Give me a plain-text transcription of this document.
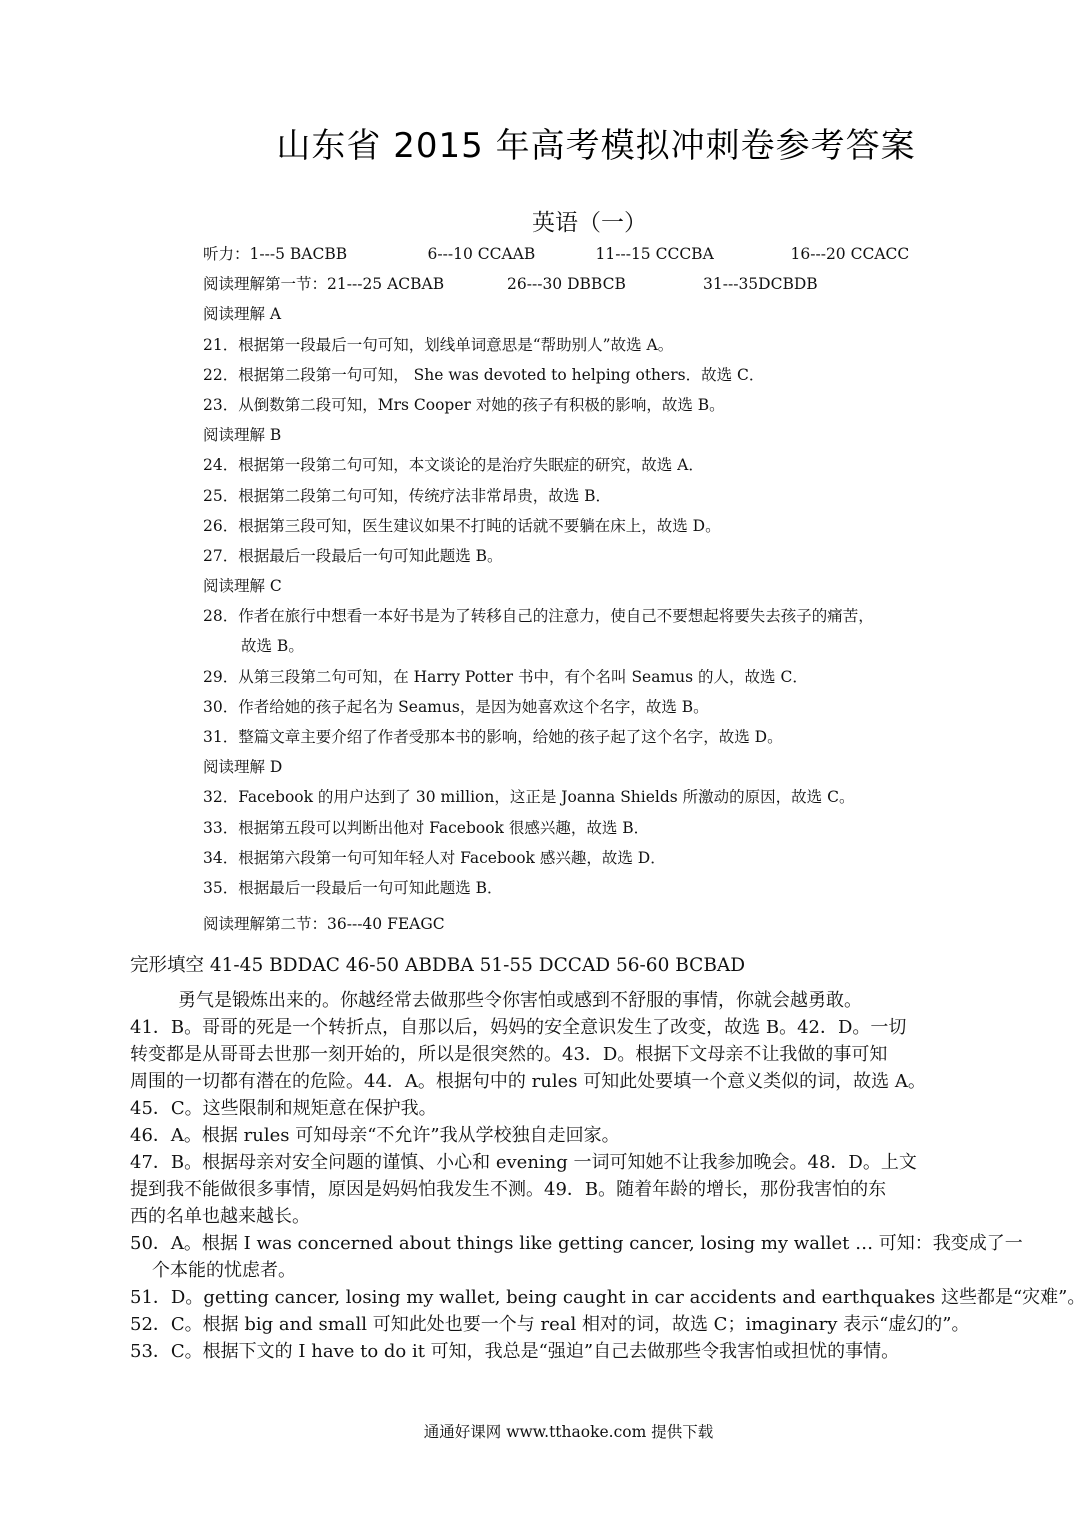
山东省 2015 年高考模拟冲刺卷参考答案
英语（一）
听力：1---5 BACBB	6---10 CCAAB	11---15 CCCBA	16---20 CCACC
阅读理解第一节：21---25 ACBAB	26---30 DBBCB	31---35DCBDB
阅读理解 A
21．根据第一段最后一句可知，划线单词意思是“帮助别人”故选 A。
22．根据第二段第一句可知， She was devoted to helping others．故选 C．
23．从倒数第二段可知，Mrs Cooper 对她的孩子有积极的影响，故选 B。
阅读理解 B
24．根据第一段第二句可知，本文谈论的是治疗失眠症的研究，故选 A．
25．根据第二段第二句可知，传统疗法非常昂贵，故选 B．
26．根据第三段可知，医生建议如果不打盹的话就不要躺在床上，故选 D。
27．根据最后一段最后一句可知此题选 B。
阅读理解 C
28．作者在旅行中想看一本好书是为了转移自己的注意力，使自己不要想起将要失去孩子的痛苦，
故选 B。
29．从第三段第二句可知，在 Harry Potter 书中，有个名叫 Seamus 的人，故选 C．
30．作者给她的孩子起名为 Seamus，是因为她喜欢这个名字，故选 B。
31．整篇文章主要介绍了作者受那本书的影响，给她的孩子起了这个名字，故选 D。
阅读理解 D
32．Facebook 的用户达到了 30 million，这正是 Joanna Shields 所激动的原因，故选 C。
33．根据第五段可以判断出他对 Facebook 很感兴趣，故选 B．
34．根据第六段第一句可知年轻人对 Facebook 感兴趣，故选 D．
35．根据最后一段最后一句可知此题选 B．
阅读理解第二节：36---40 FEAGC
完形填空 41-45 BDDAC 46-50 ABDBA 51-55 DCCAD 56-60 BCBAD
勇气是锻炼出来的。你越经常去做那些令你害怕或感到不舒服的事情，你就会越勇敢。
41．B。哥哥的死是一个转折点，自那以后，妈妈的安全意识发生了改变，故选 B。42．D。一切
转变都是从哥哥去世那一刻开始的，所以是很突然的。43．D。根据下文母亲不让我做的事可知
周围的一切都有潜在的危险。44．A。根据句中的 rules 可知此处要填一个意义类似的词，故选 A。
45．C。这些限制和规矩意在保护我。
46．A。根据 rules 可知母亲“不允许”我从学校独自走回家。
47．B。根据母亲对安全问题的谨慎、小心和 evening 一词可知她不让我参加晚会。48．D。上文
提到我不能做很多事情，原因是妈妈怕我发生不测。49．B。随着年龄的增长，那份我害怕的东
西的名单也越来越长。
50．A。根据 I was concerned about things like getting cancer, losing my wallet … 可知：我变成了一
个本能的忧虑者。
51．D。getting cancer, losing my wallet, being caught in car accidents and earthquakes 这些都是“灾难”。
52．C。根据 big and small 可知此处也要一个与 real 相对的词，故选 C；imaginary 表示“虚幻的”。
53．C。根据下文的 I have to do it 可知，我总是“强迫”自己去做那些令我害怕或担忧的事情。
通通好课网 www.tthaoke.com 提供下载
